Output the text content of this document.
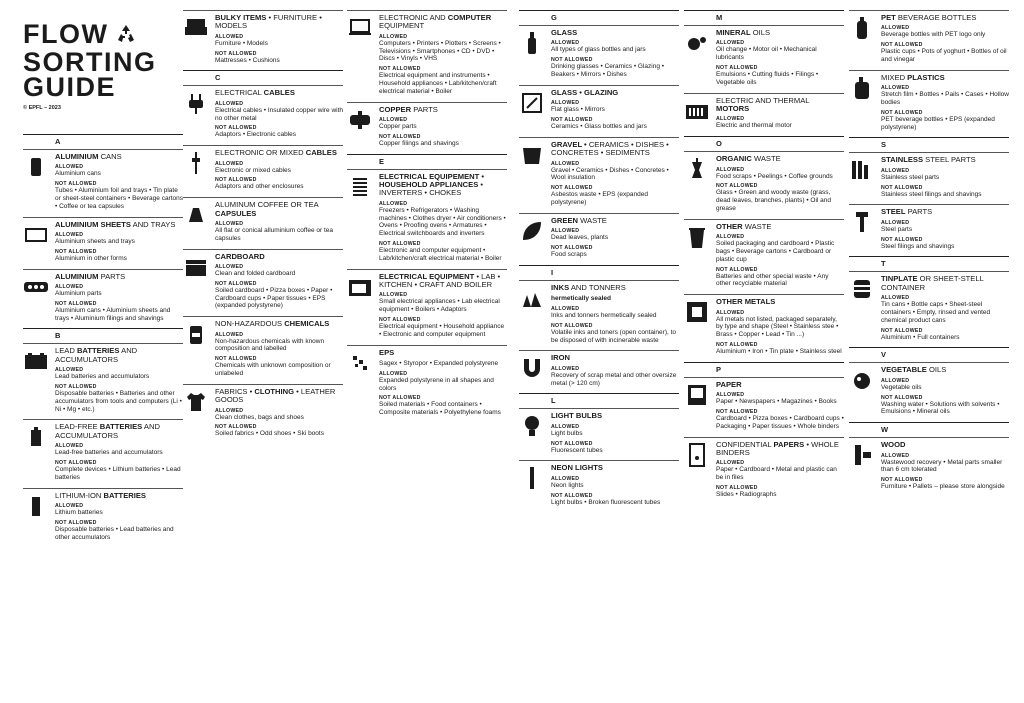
FLOW
SORTING
GUIDE
© EPFL – 2023
A
ALUMINIUM CANS
ALLOWED
Aluminium cans
NOT ALLOWED
Tubes • Aluminium foil and trays • Tin plate or sheet-steel containers • Beverage cartons • Coffee or tea capsules
ALUMINIUM SHEETS AND TRAYS
ALLOWED
Aluminium sheets and trays
NOT ALLOWED
Aluminium in other forms
ALUMINIUM PARTS
ALLOWED
Aluminium parts
NOT ALLOWED
Aluminium cans • Aluminium sheets and trays • Aluminium filings and shavings
B
LEAD BATTERIES AND ACCUMULATORS
ALLOWED
Lead batteries and accumulators
NOT ALLOWED
Disposable batteries • Batteries and other accumulators from tools and computers (Li • Ni • Mg • etc.)
LEAD-FREE BATTERIES AND ACCUMULATORS
ALLOWED
Lead-free batteries and accumulators
NOT ALLOWED
Complete devices • Lithium batteries • Lead batteries
LITHIUM-ION BATTERIES
ALLOWED
Lithium batteries
NOT ALLOWED
Disposable batteries • Lead batteries and other accumulators
BULKY ITEMS • FURNITURE • MODELS
ALLOWED
Furniture • Models
NOT ALLOWED
Mattresses • Cushions
C
ELECTRICAL CABLES
ALLOWED
Electrical cables • Insulated copper wire with no other metal
NOT ALLOWED
Adaptors • Electronic cables
ELECTRONIC OR MIXED CABLES
ALLOWED
Electronic or mixed cables
NOT ALLOWED
Adaptors and other enclosures
ALUMINUM COFFEE OR TEA CAPSULES
ALLOWED
All flat or conical alluminium coffee or tea capsules
CARDBOARD
ALLOWED
Clean and folded cardboard
NOT ALLOWED
Soiled cardboard • Pizza boxes • Paper • Cardboard cups • Paper tissues • EPS (expanded polystyrene)
NON-HAZARDOUS CHEMICALS
ALLOWED
Non-hazardous chemicals with known composition and labelled
NOT ALLOWED
Chemicals with unknown composition or unlabeled
FABRICS • CLOTHING • LEATHER GOODS
ALLOWED
Clean clothes, bags and shoes
NOT ALLOWED
Soiled fabrics • Odd shoes • Ski boots
ELECTRONIC AND COMPUTER EQUIPMENT
ALLOWED
Computers • Printers • Plotters • Screens • Televisions • Smartphones • CD • DVD • Discs • Vinyls • VHS
NOT ALLOWED
Electrical equipment and instruments • Household appliances • Lab/kitchen/craft electrical material • Boiler
COPPER PARTS
ALLOWED
Copper parts
NOT ALLOWED
Copper filings and shavings
E
ELECTRICAL EQUIPEMENT • HOUSEHOLD APPLIANCES • INVERTERS • CHOKES
ALLOWED
Freezers • Refrigerators • Washing machines • Clothes dryer • Air conditioners • Ovens • Proofing ovens • Armatures • Electrical switchboards and inverters
NOT ALLOWED
Electronic and computer equipment • Lab/kitchen/craft electrical material • Boiler
ELECTRICAL EQUIPMENT • LAB • KITCHEN • CRAFT AND BOILER
ALLOWED
Small electrical appliances • Lab electrical equipment • Boilers • Adaptors
NOT ALLOWED
Electrical equipment • Household appliance • Electronic and computer equipment
EPS
Sagex • Styropor • Expanded polystyrene
ALLOWED
Expanded polystyrene in all shapes and colors
NOT ALLOWED
Soiled materials • Food containers • Composite materials • Polyethylene foams
G
GLASS
ALLOWED
All types of glass bottles and jars
NOT ALLOWED
Drinking glasses • Ceramics • Glazing • Beakers • Mirrors • Dishes
GLASS • GLAZING
ALLOWED
Flat glass • Mirrors
NOT ALLOWED
Ceramics • Glass bottles and jars
GRAVEL • CERAMICS • DISHES • CONCRETES • SEDIMENTS
ALLOWED
Gravel • Ceramics • Dishes • Concretes • Wool insulation
NOT ALLOWED
Asbestos waste • EPS (expanded polystyrene)
GREEN WASTE
ALLOWED
Dead leaves, plants
NOT ALLOWED
Food scraps
I
INKS AND TONNERS
hermetically sealed
ALLOWED
Inks and tonners hermetically sealed
NOT ALLOWED
Volatile inks and toners (open container), to be disposed of with incinerable waste
IRON
ALLOWED
Recovery of scrap metal and other oversize metal (> 120 cm)
L
LIGHT BULBS
ALLOWED
Light bulbs
NOT ALLOWED
Fluorescent tubes
NEON LIGHTS
ALLOWED
Neon lights
NOT ALLOWED
Light bulbs • Broken fluorescent tubes
M
MINERAL OILS
ALLOWED
Oil change • Motor oil • Mechanical lubricants
NOT ALLOWED
Emulsions • Cutting fluids • Filings • Vegetable oils
ELECTRIC AND THERMAL MOTORS
ALLOWED
Electric and thermal motor
O
ORGANIC WASTE
ALLOWED
Food scraps • Peelings • Coffee grounds
NOT ALLOWED
Glass • Green and woody waste (grass, dead leaves, branches, plants) • Oil and grease
OTHER WASTE
ALLOWED
Soiled packaging and cardboard • Plastic bags • Beverage cartons • Cardboard or plastic cup
NOT ALLOWED
Batteries and other special waste • Any other recyclable material
OTHER METALS
ALLOWED
All metals not listed, packaged separately, by type and shape (Steel • Stainless stee • Brass • Copper • Lead • Tin ...)
NOT ALLOWED
Aluminium • Iron • Tin plate • Stainless steel
P
PAPER
ALLOWED
Paper • Newspapers • Magazines • Books
NOT ALLOWED
Cardboard • Pizza boxes • Cardboard cups • Packaging • Paper tissues • Whole binders
CONFIDENTIAL PAPERS • WHOLE BINDERS
ALLOWED
Paper • Cardboard • Metal and plastic can be in files
NOT ALLOWED
Slides • Radiographs
PET BEVERAGE BOTTLES
ALLOWED
Beverage bottles with PET logo only
NOT ALLOWED
Plastic cups • Pots of yoghurt • Bottles of oil and vinegar
MIXED PLASTICS
ALLOWED
Stretch film • Bottles • Pails • Cases • Hollow bodies
NOT ALLOWED
PET beverage bottles • EPS (expanded polystyrene)
S
STAINLESS STEEL PARTS
ALLOWED
Stainless steel parts
NOT ALLOWED
Stainless steel filings and shavings
STEEL PARTS
ALLOWED
Steel parts
NOT ALLOWED
Steel filings and shavings
T
TINPLATE OR SHEET-STELL CONTAINER
ALLOWED
Tin cans • Bottle caps • Sheet-steel containers • Empty, rinsed and vented chemical product cans
NOT ALLOWED
Aluminium • Full containers
V
VEGETABLE OILS
ALLOWED
Vegetable oils
NOT ALLOWED
Washing water • Solutions with solvents • Emulsions • Mineral oils
W
WOOD
ALLOWED
Wastewood recovery • Metal parts smaller than 6 cm tolerated
NOT ALLOWED
Furniture • Pallets – please store alongside
